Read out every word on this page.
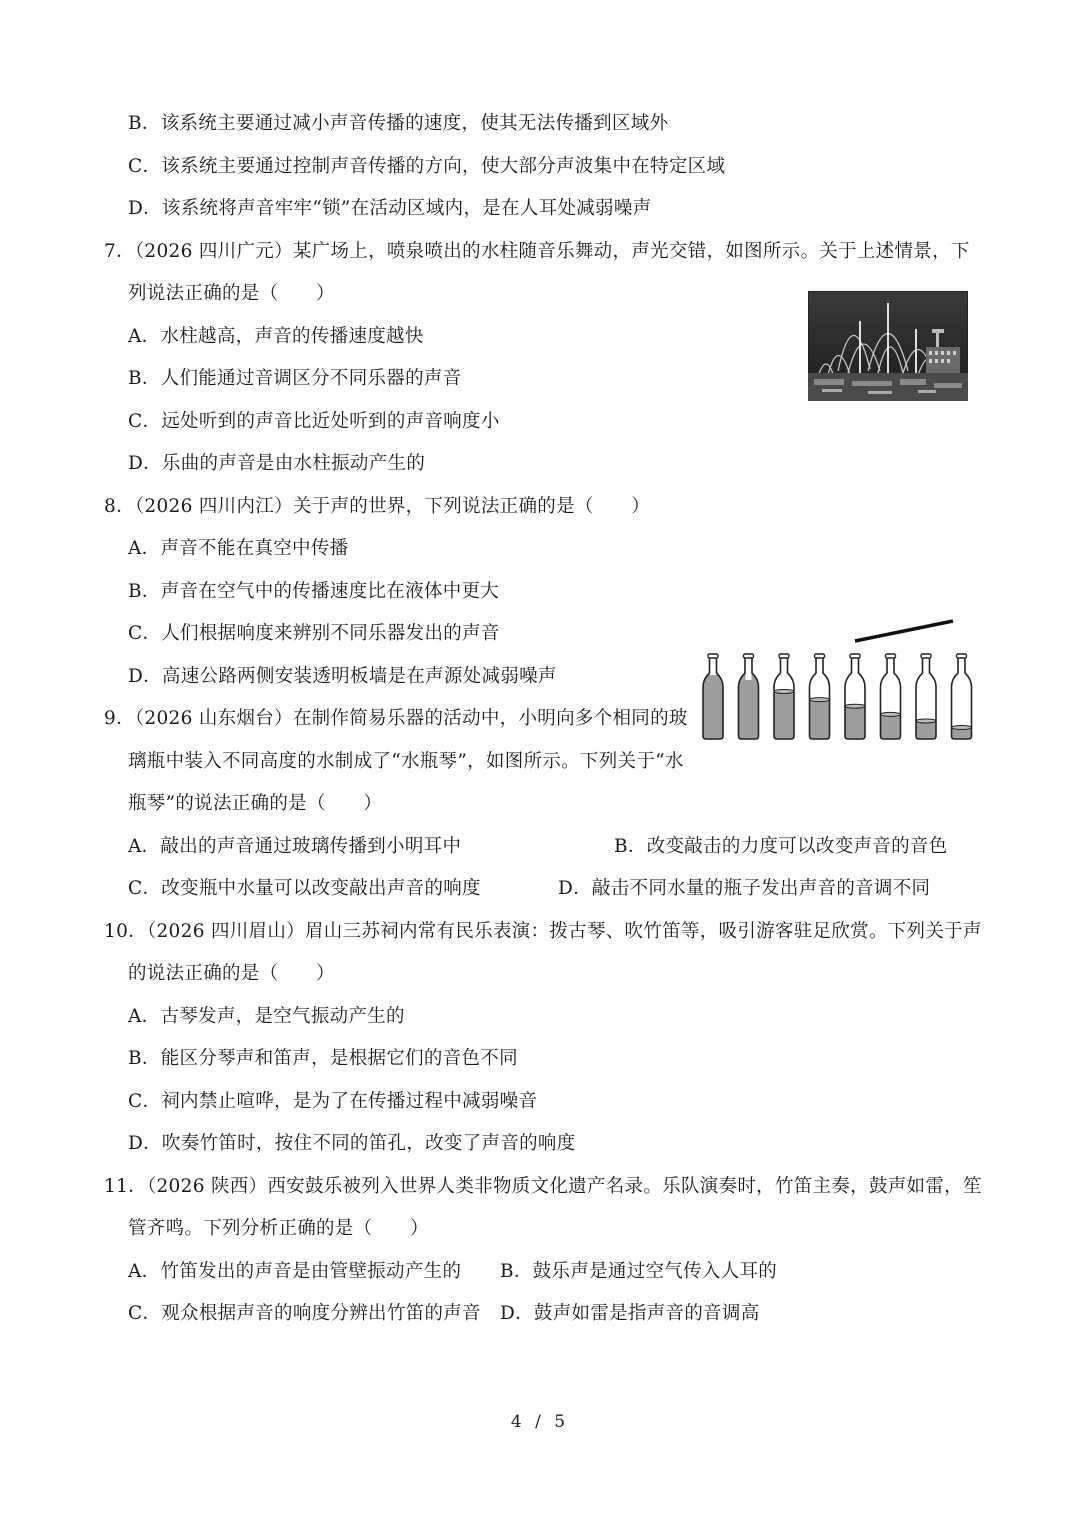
B．该系统主要通过减小声音传播的速度，使其无法传播到区域外
C．该系统主要通过控制声音传播的方向，使大部分声波集中在特定区域
D．该系统将声音牢牢“锁”在活动区域内，是在人耳处减弱噪声
7．（2026 四川广元）某广场上，喷泉喷出的水柱随音乐舞动，声光交错，如图所示。关于上述情景，下
列说法正确的是（　　）
A．水柱越高，声音的传播速度越快
B．人们能通过音调区分不同乐器的声音
C．远处听到的声音比近处听到的声音响度小
D．乐曲的声音是由水柱振动产生的
8．（2026 四川内江）关于声的世界，下列说法正确的是（　　）
A．声音不能在真空中传播
B．声音在空气中的传播速度比在液体中更大
C．人们根据响度来辨别不同乐器发出的声音
D．高速公路两侧安装透明板墙是在声源处减弱噪声
9．（2026 山东烟台）在制作简易乐器的活动中，小明向多个相同的玻
璃瓶中装入不同高度的水制成了“水瓶琴”，如图所示。下列关于“水
瓶琴”的说法正确的是（　　）
A．敲出的声音通过玻璃传播到小明耳中	B．改变敲击的力度可以改变声音的音色
C．改变瓶中水量可以改变敲出声音的响度	D．敲击不同水量的瓶子发出声音的音调不同
10．（2026 四川眉山）眉山三苏祠内常有民乐表演：拨古琴、吹竹笛等，吸引游客驻足欣赏。下列关于声
的说法正确的是（　　）
A．古琴发声，是空气振动产生的
B．能区分琴声和笛声，是根据它们的音色不同
C．祠内禁止喧哗，是为了在传播过程中减弱噪音
D．吹奏竹笛时，按住不同的笛孔，改变了声音的响度
11．（2026 陕西）西安鼓乐被列入世界人类非物质文化遗产名录。乐队演奏时，竹笛主奏，鼓声如雷，笙
管齐鸣。下列分析正确的是（　　）
A．竹笛发出的声音是由管壁振动产生的 B．鼓乐声是通过空气传入人耳的
C．观众根据声音的响度分辨出竹笛的声音 D．鼓声如雷是指声音的音调高
4 / 5
